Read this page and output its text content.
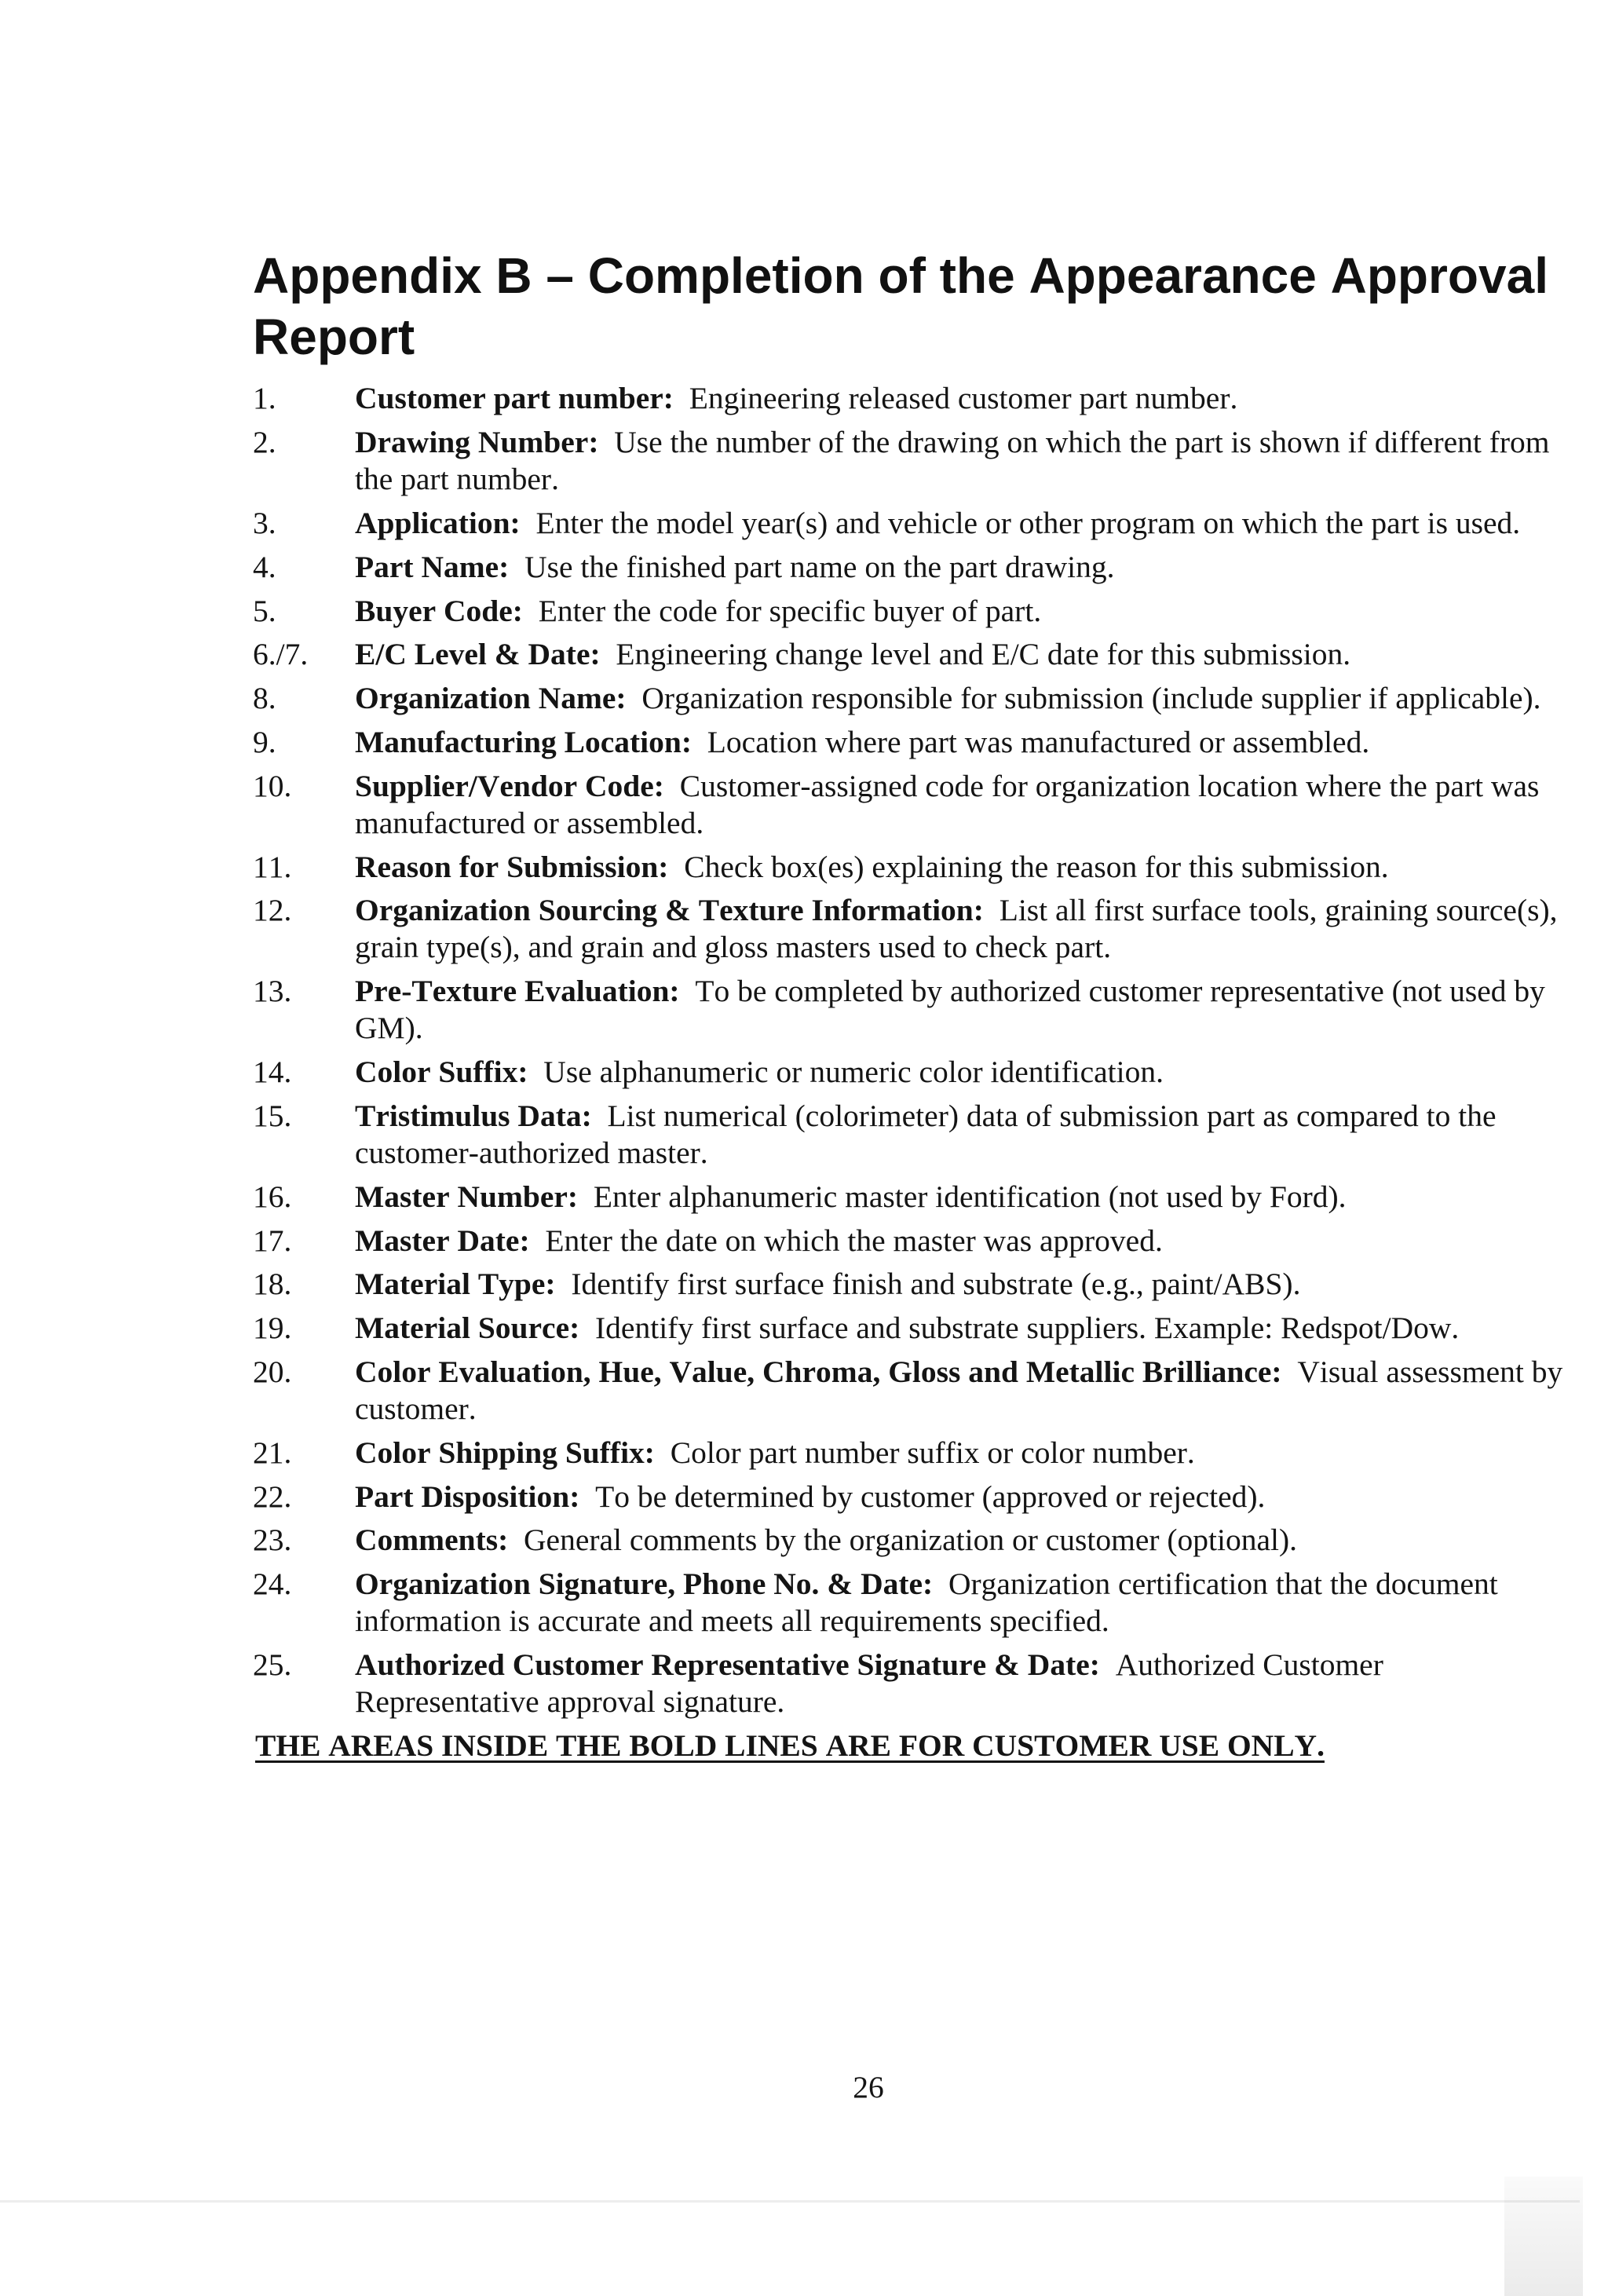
Appendix B – Completion of the Appearance Approval Report
1.	Customer part number: Engineering released customer part number.
2.	Drawing Number: Use the number of the drawing on which the part is shown if different from the part number.
3.	Application: Enter the model year(s) and vehicle or other program on which the part is used.
4.	Part Name: Use the finished part name on the part drawing.
5.	Buyer Code: Enter the code for specific buyer of part.
6./7.	E/C Level & Date: Engineering change level and E/C date for this submission.
8.	Organization Name: Organization responsible for submission (include supplier if applicable).
9.	Manufacturing Location: Location where part was manufactured or assembled.
10.	Supplier/Vendor Code: Customer-assigned code for organization location where the part was manufactured or assembled.
11.	Reason for Submission: Check box(es) explaining the reason for this submission.
12.	Organization Sourcing & Texture Information: List all first surface tools, graining source(s), grain type(s), and grain and gloss masters used to check part.
13.	Pre-Texture Evaluation: To be completed by authorized customer representative (not used by GM).
14.	Color Suffix: Use alphanumeric or numeric color identification.
15.	Tristimulus Data: List numerical (colorimeter) data of submission part as compared to the customer-authorized master.
16.	Master Number: Enter alphanumeric master identification (not used by Ford).
17.	Master Date: Enter the date on which the master was approved.
18.	Material Type: Identify first surface finish and substrate (e.g., paint/ABS).
19.	Material Source: Identify first surface and substrate suppliers. Example: Redspot/Dow.
20.	Color Evaluation, Hue, Value, Chroma, Gloss and Metallic Brilliance: Visual assessment by customer.
21.	Color Shipping Suffix: Color part number suffix or color number.
22.	Part Disposition: To be determined by customer (approved or rejected).
23.	Comments: General comments by the organization or customer (optional).
24.	Organization Signature, Phone No. & Date: Organization certification that the document information is accurate and meets all requirements specified.
25.	Authorized Customer Representative Signature & Date: Authorized Customer Representative approval signature.

THE AREAS INSIDE THE BOLD LINES ARE FOR CUSTOMER USE ONLY.

26
